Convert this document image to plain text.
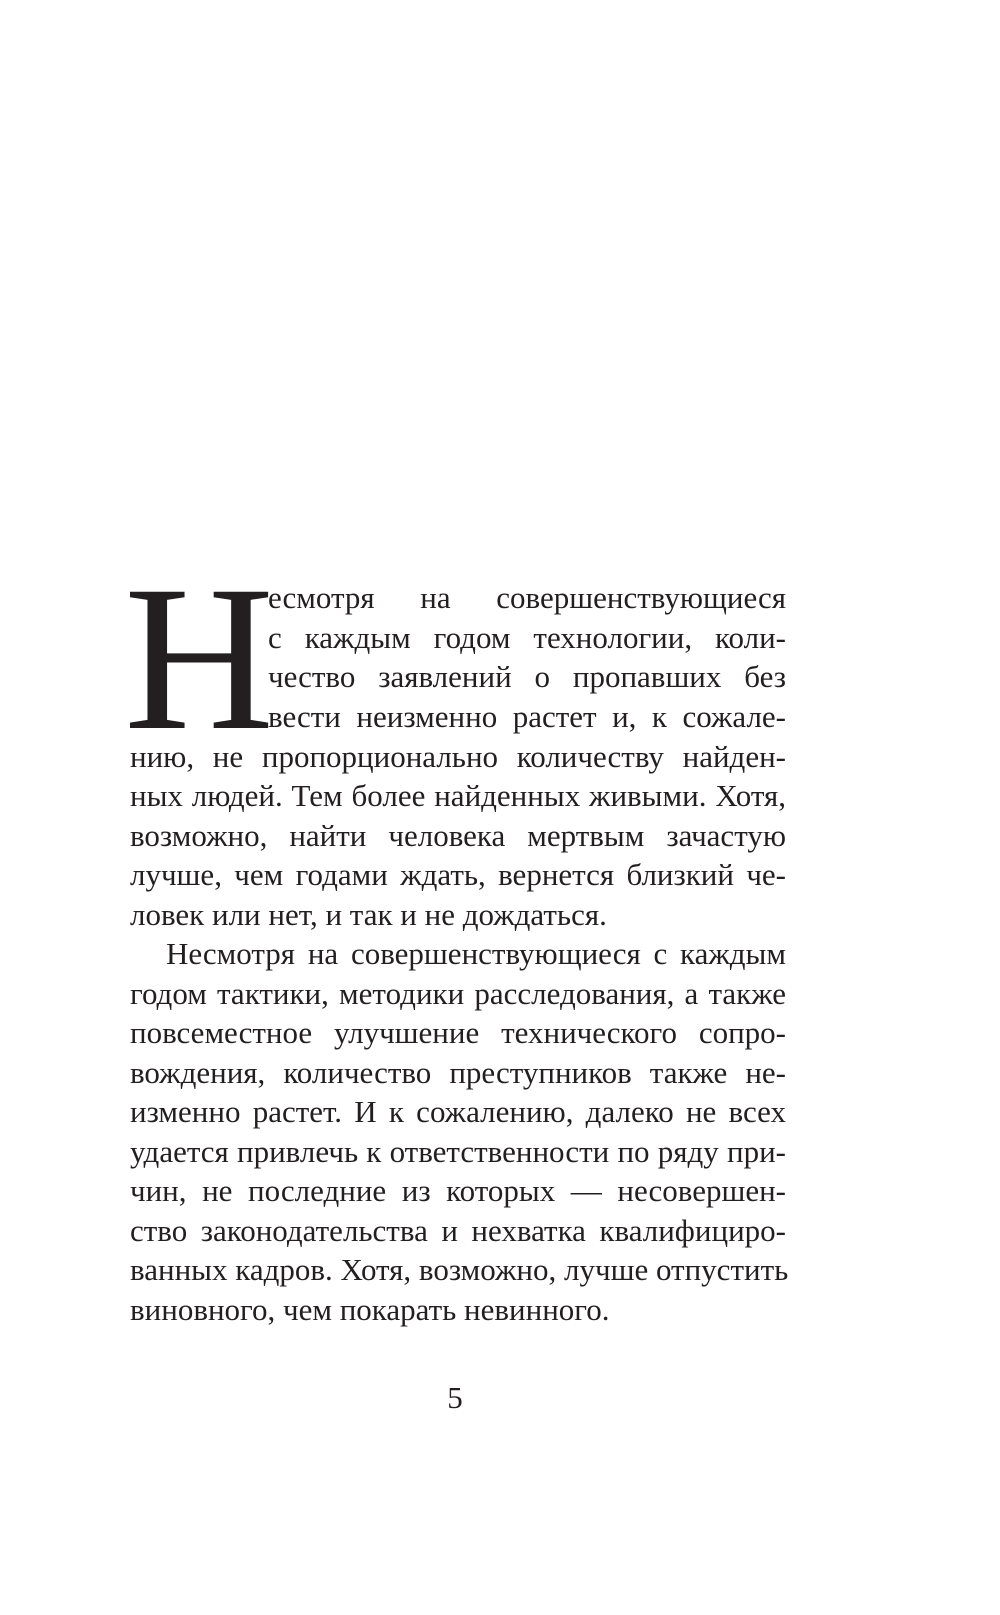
Н
есмотря на совершенствующиеся
с каждым годом технологии, коли-
чество заявлений о пропавших без
вести неизменно растет и, к сожале-
нию, не пропорционально количеству найден-
ных людей. Тем более найденных живыми. Хотя,
возможно, найти человека мертвым зачастую
лучше, чем годами ждать, вернется близкий че-
ловек или нет, и так и не дождаться.
Несмотря на совершенствующиеся с каждым
годом тактики, методики расследования, а также
повсеместное улучшение технического сопро-
вождения, количество преступников также не-
изменно растет. И к сожалению, далеко не всех
удается привлечь к ответственности по ряду при-
чин, не последние из которых — несовершен-
ство законодательства и нехватка квалифициро-
ванных кадров. Хотя, возможно, лучше отпустить
виновного, чем покарать невинного.
5
